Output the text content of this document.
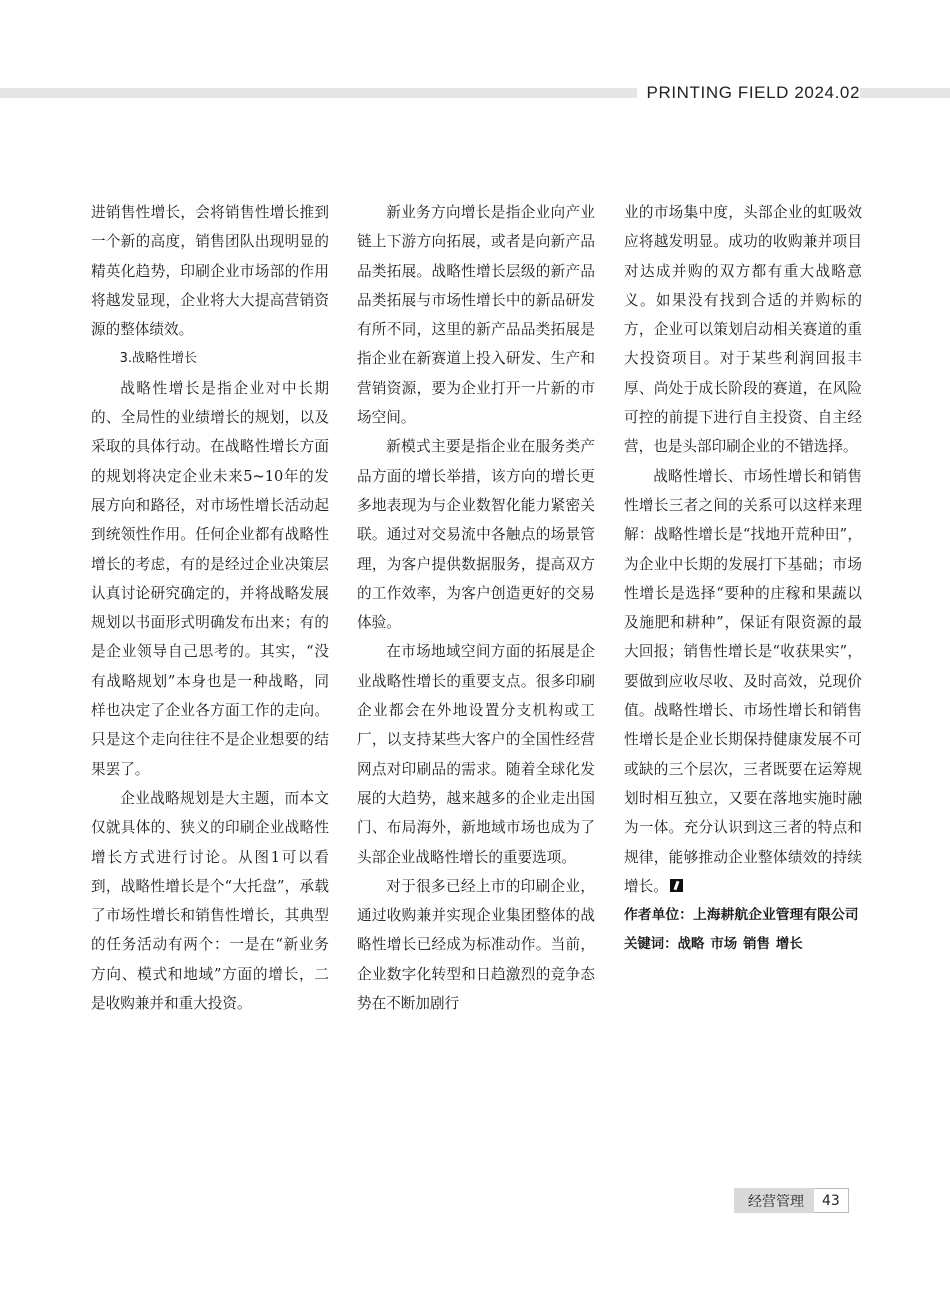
PRINTING FIELD 2024.02

进销售性增长，会将销售性增长推到一个新的高度，销售团队出现明显的精英化趋势，印刷企业市场部的作用将越发显现，企业将大大提高营销资源的整体绩效。

3.战略性增长

战略性增长是指企业对中长期的、全局性的业绩增长的规划，以及采取的具体行动。在战略性增长方面的规划将决定企业未来5~10年的发展方向和路径，对市场性增长活动起到统领性作用。任何企业都有战略性增长的考虑，有的是经过企业决策层认真讨论研究确定的，并将战略发展规划以书面形式明确发布出来；有的是企业领导自己思考的。其实，“没有战略规划”本身也是一种战略，同样也决定了企业各方面工作的走向。只是这个走向往往不是企业想要的结果罢了。

企业战略规划是大主题，而本文仅就具体的、狭义的印刷企业战略性增长方式进行讨论。从图1可以看到，战略性增长是个“大托盘”，承载了市场性增长和销售性增长，其典型的任务活动有两个：一是在“新业务方向、模式和地域”方面的增长，二是收购兼并和重大投资。

新业务方向增长是指企业向产业链上下游方向拓展，或者是向新产品品类拓展。战略性增长层级的新产品品类拓展与市场性增长中的新品研发有所不同，这里的新产品品类拓展是指企业在新赛道上投入研发、生产和营销资源，要为企业打开一片新的市场空间。

新模式主要是指企业在服务类产品方面的增长举措，该方向的增长更多地表现为与企业数智化能力紧密关联。通过对交易流中各触点的场景管理，为客户提供数据服务，提高双方的工作效率，为客户创造更好的交易体验。

在市场地域空间方面的拓展是企业战略性增长的重要支点。很多印刷企业都会在外地设置分支机构或工厂，以支持某些大客户的全国性经营网点对印刷品的需求。随着全球化发展的大趋势，越来越多的企业走出国门、布局海外，新地域市场也成为了头部企业战略性增长的重要选项。

对于很多已经上市的印刷企业，通过收购兼并实现企业集团整体的战略性增长已经成为标准动作。当前，企业数字化转型和日趋激烈的竞争态势在不断加剧行

业的市场集中度，头部企业的虹吸效应将越发明显。成功的收购兼并项目对达成并购的双方都有重大战略意义。如果没有找到合适的并购标的方，企业可以策划启动相关赛道的重大投资项目。对于某些利润回报丰厚、尚处于成长阶段的赛道，在风险可控的前提下进行自主投资、自主经营，也是头部印刷企业的不错选择。

战略性增长、市场性增长和销售性增长三者之间的关系可以这样来理解：战略性增长是“找地开荒种田”，为企业中长期的发展打下基础；市场性增长是选择“要种的庄稼和果蔬以及施肥和耕种”，保证有限资源的最大回报；销售性增长是“收获果实”，要做到应收尽收、及时高效，兑现价值。战略性增长、市场性增长和销售性增长是企业长期保持健康发展不可或缺的三个层次，三者既要在运筹规划时相互独立，又要在落地实施时融为一体。充分认识到这三者的特点和规律，能够推动企业整体绩效的持续增长。

作者单位：上海耕航企业管理有限公司

关键词：战略 市场 销售 增长

经营管理	43
